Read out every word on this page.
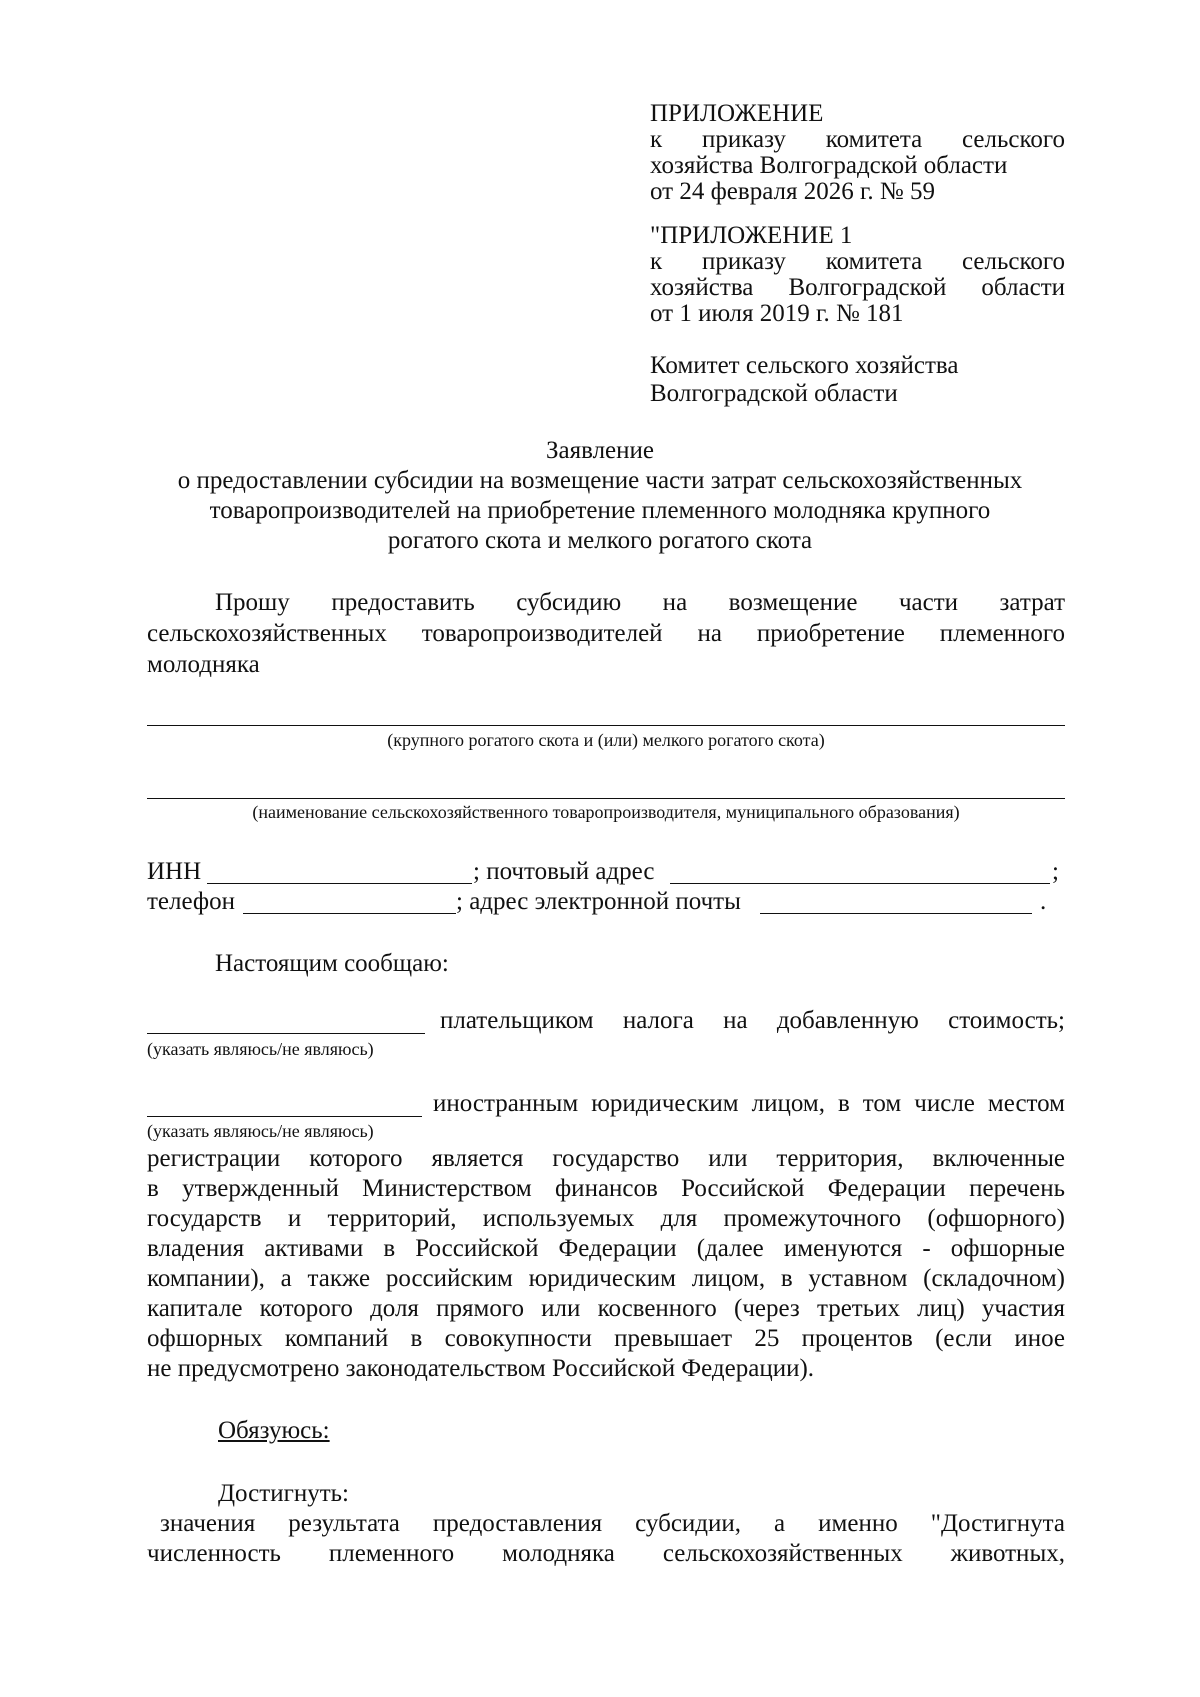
ПРИЛОЖЕНИЕ
к приказу комитета сельского
хозяйства Волгоградской области
от 24 февраля 2026 г. № 59
"ПРИЛОЖЕНИЕ 1
к приказу комитета сельского
хозяйства Волгоградской области
от 1 июля 2019 г. № 181
Комитет сельского хозяйства
Волгоградской области
Заявление
о предоставлении субсидии на возмещение части затрат сельскохозяйственных
товаропроизводителей на приобретение племенного молодняка крупного
рогатого скота и мелкого рогатого скота
Прошу предоставить субсидию на возмещение части затрат
сельскохозяйственных товаропроизводителей на приобретение племенного
молодняка
(крупного рогатого скота и (или) мелкого рогатого скота)
(наименование сельскохозяйственного товаропроизводителя, муниципального образования)
ИНН	; почтовый адрес	;
телефон	; адрес электронной почты	.
Настоящим сообщаю:
плательщиком налога на добавленную стоимость;
(указать являюсь/не являюсь)
иностранным юридическим лицом, в том числе местом
(указать являюсь/не являюсь)
регистрации которого является государство или территория, включенные
в утвержденный Министерством финансов Российской Федерации перечень
государств и территорий, используемых для промежуточного (офшорного)
владения активами в Российской Федерации (далее именуются - офшорные
компании), а также российским юридическим лицом, в уставном (складочном)
капитале которого доля прямого или косвенного (через третьих лиц) участия
офшорных компаний в совокупности превышает 25 процентов (если иное
не предусмотрено законодательством Российской Федерации).
Обязуюсь:
Достигнуть:
значения результата предоставления субсидии, а именно "Достигнута
численность племенного молодняка сельскохозяйственных животных,
